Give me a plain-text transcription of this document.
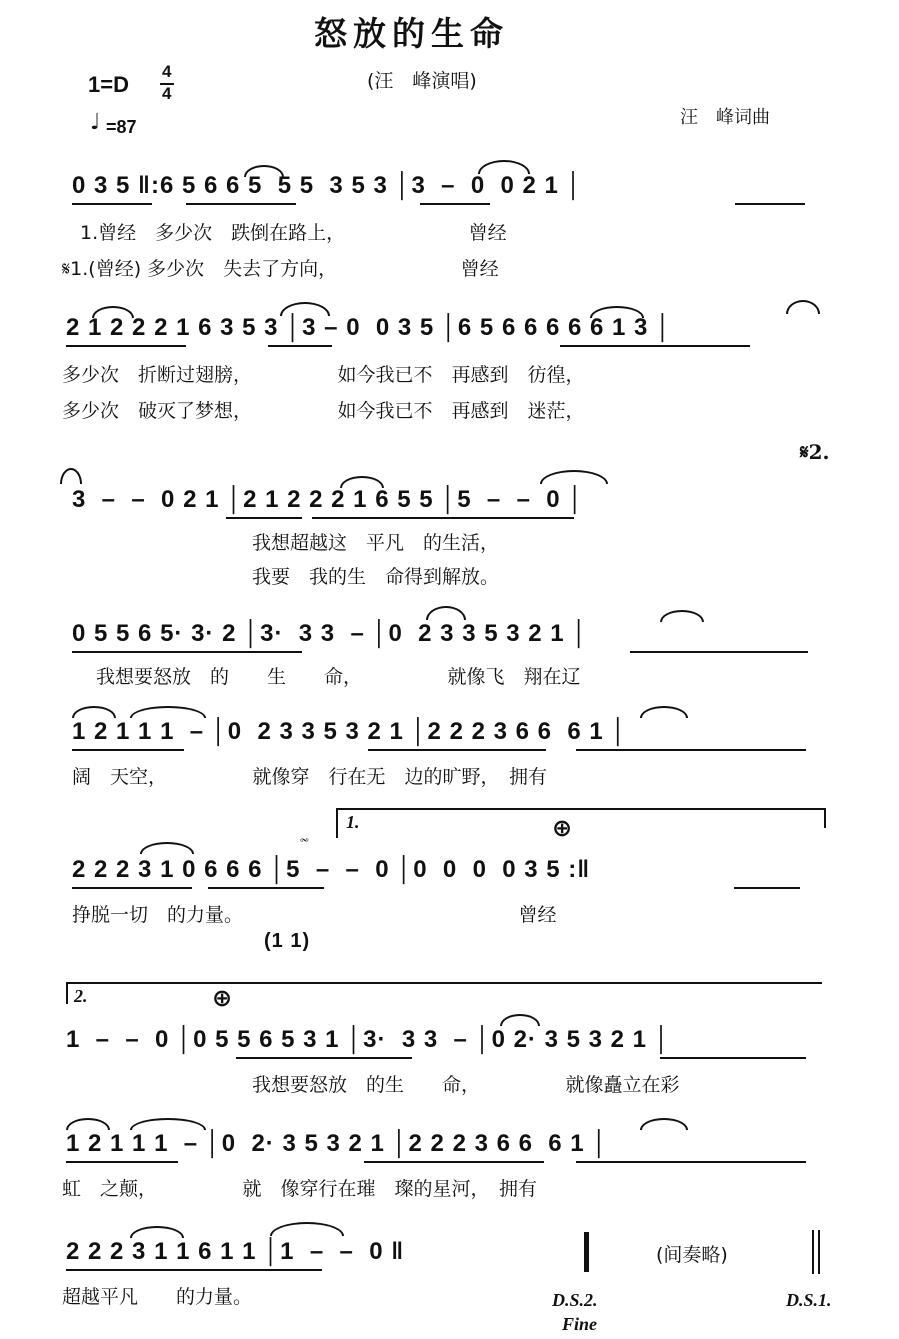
怒放的生命
(汪　峰演唱)
汪　峰词曲
1=D
4
4
♩ =87
0 3 5 ‖:6 5 6 6 5  5 5  3 5 3 │3  –  0  0 2 1 │
1.曾经　多少次　跌倒在路上，　　　　　　　曾经
𝄋1.(曾经) 多少次　失去了方向，　　　　　　　曾经
2 1 2 2 2 1 6 3 5 3 │3 – 0  0 3 5 │6 5 6 6 6 6 6 1 3 │
多少次　折断过翅膀，　　　　　如今我已不　再感到　彷徨，
多少次　破灭了梦想，　　　　　如今我已不　再感到　迷茫，
𝄋2.
3  –  –  0 2 1 │2 1 2 2 2 1 6 5 5 │5  –  –  0 │
我想超越这　平凡　的生活，
我要　我的生　命得到解放。
0 5 5 6 5· 3· 2 │3·  3 3  – │0  2 3 3 5 3 2 1 │
我想要怒放　的　　生　　命，　　　　　就像飞　翔在辽
1 2 1 1 1  – │0  2 3 3 5 3 2 1 │2 2 2 3 6 6  6 1 │
阔　天空，　　　　　就像穿　行在无　边的旷野，　拥有
1.	⊕
𝆗
2 2 2 3 1 0 6 6 6 │5  –  –  0 │0  0  0  0 3 5 :‖
挣脱一切　的力量。　　　　　　　　　　　　　　　曾经
(1 1)
2.	⊕
1  –  –  0 │0 5 5 6 5 3 1 │3·  3 3  – │0 2· 3 5 3 2 1 │
我想要怒放　的生　　命，　　　　　就像矗立在彩
1 2 1 1 1  – │0  2· 3 5 3 2 1 │2 2 2 3 6 6  6 1 │
虹　之颠，　　　　　就　像穿行在璀　璨的星河，　拥有
2 2 2 3 1 1 6 1 1 │1  –  –  0 ‖
超越平凡　　的力量。
(间奏略)
D.S.2.
Fine
D.S.1.
